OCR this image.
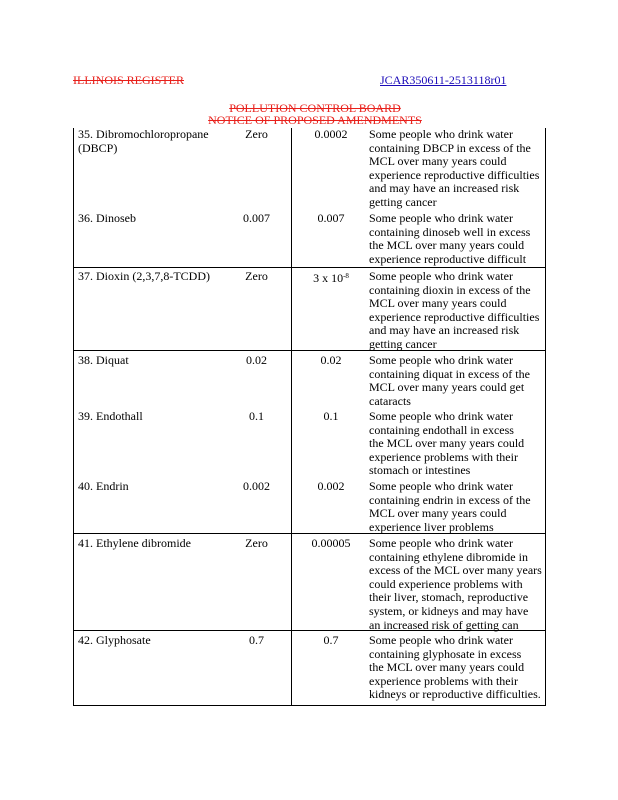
ILLINOIS REGISTER	JCAR350611-2513118r01
POLLUTION CONTROL BOARD
NOTICE OF PROPOSED AMENDMENTS
35. Dibromochloropropane
(DBCP)
Zero	0.0002	Some people who drink water
containing DBCP in excess of the
MCL over many years could
experience reproductive difficulties
and may have an increased risk
getting cancer
36. Dinoseb	0.007	0.007	Some people who drink water
containing dinoseb well in excess
the MCL over many years could
experience reproductive difficult
37. Dioxin (2,3,7,8-TCDD)	Zero	3 x $10^{-8}$	Some people who drink water
containing dioxin in excess of the
MCL over many years could
experience reproductive difficulties
and may have an increased risk
getting cancer
38. Diquat	0.02	0.02	Some people who drink water
containing diquat in excess of the
MCL over many years could get
cataracts
39. Endothall	0.1	0.1	Some people who drink water
containing endothall in excess
the MCL over many years could
experience problems with their
stomach or intestines
40. Endrin	0.002	0.002	Some people who drink water
containing endrin in excess of the
MCL over many years could
experience liver problems
41. Ethylene dibromide	Zero	0.00005	Some people who drink water
containing ethylene dibromide in
excess of the MCL over many years
could experience problems with
their liver, stomach, reproductive
system, or kidneys and may have
an increased risk of getting can
42. Glyphosate	0.7	0.7	Some people who drink water
containing glyphosate in excess
the MCL over many years could
experience problems with their
kidneys or reproductive difficulties.
